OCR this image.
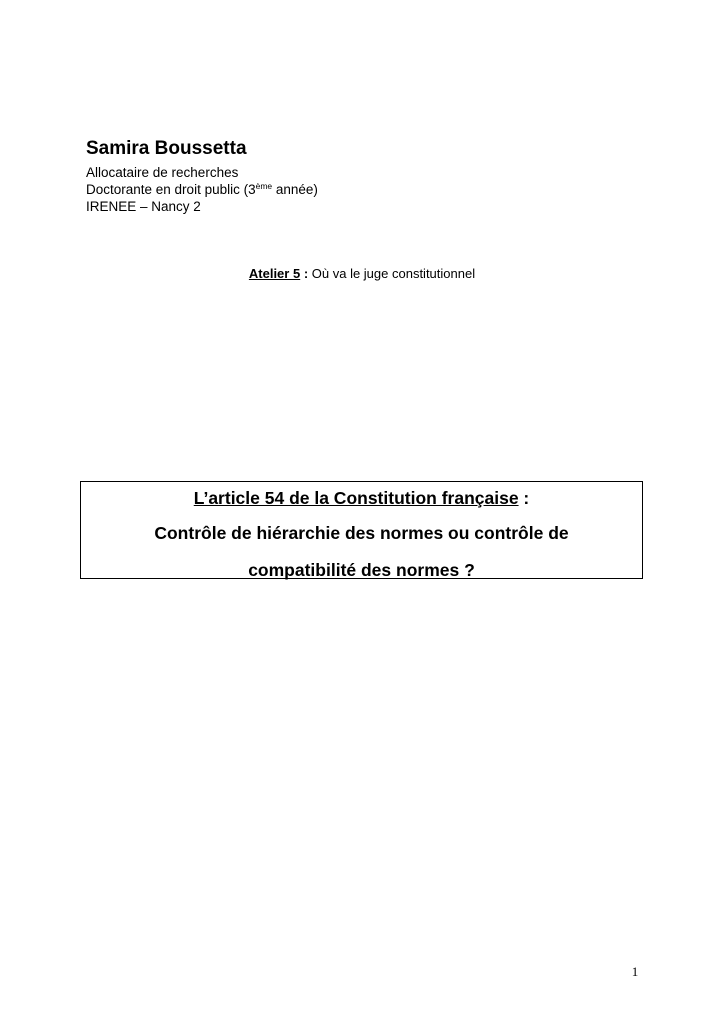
Samira Boussetta
Allocataire de recherches
Doctorante en droit public (3ème année)
IRENEE – Nancy 2
Atelier 5 : Où va le juge constitutionnel
L’article 54 de la Constitution française :
Contrôle de hiérarchie des normes ou contrôle de
compatibilité des normes ?
1
